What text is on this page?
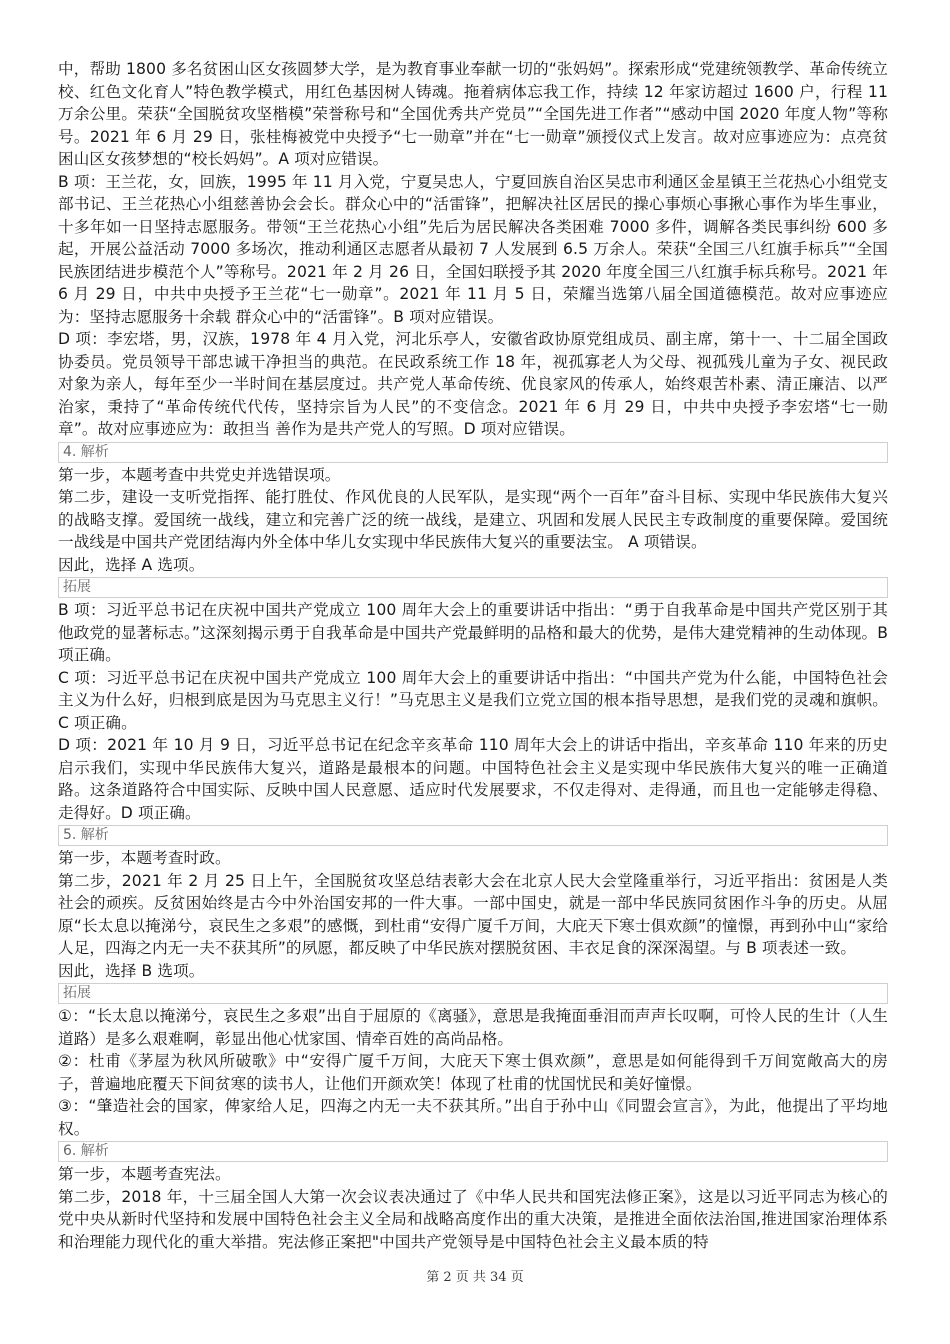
中，帮助 1800 多名贫困山区女孩圆梦大学，是为教育事业奉献一切的“张妈妈”。探索形成“党建统领教学、革命传统立校、红色文化育人”特色教学模式，用红色基因树人铸魂。拖着病体忘我工作，持续 12 年家访超过 1600 户，行程 11 万余公里。荣获“全国脱贫攻坚楷模”荣誉称号和“全国优秀共产党员”“全国先进工作者”“感动中国 2020 年度人物”等称号。2021 年 6 月 29 日，张桂梅被党中央授予“七一勋章”并在“七一勋章”颁授仪式上发言。故对应事迹应为：点亮贫困山区女孩梦想的“校长妈妈”。A 项对应错误。

B 项：王兰花，女，回族，1995 年 11 月入党，宁夏吴忠人，宁夏回族自治区吴忠市利通区金星镇王兰花热心小组党支部书记、王兰花热心小组慈善协会会长。群众心中的“活雷锋”，把解决社区居民的操心事烦心事揪心事作为毕生事业，十多年如一日坚持志愿服务。带领“王兰花热心小组”先后为居民解决各类困难 7000 多件，调解各类民事纠纷 600 多起，开展公益活动 7000 多场次，推动利通区志愿者从最初 7 人发展到 6.5 万余人。荣获“全国三八红旗手标兵”“全国民族团结进步模范个人”等称号。2021 年 2 月 26 日，全国妇联授予其 2020 年度全国三八红旗手标兵称号。2021 年 6 月 29 日，中共中央授予王兰花“七一勋章”。2021 年 11 月 5 日，荣耀当选第八届全国道德模范。故对应事迹应为：坚持志愿服务十余载 群众心中的“活雷锋”。B 项对应错误。

D 项：李宏塔，男，汉族，1978 年 4 月入党，河北乐亭人，安徽省政协原党组成员、副主席，第十一、十二届全国政协委员。党员领导干部忠诚干净担当的典范。在民政系统工作 18 年，视孤寡老人为父母、视孤残儿童为子女、视民政对象为亲人，每年至少一半时间在基层度过。共产党人革命传统、优良家风的传承人，始终艰苦朴素、清正廉洁、以严治家，秉持了“革命传统代代传，坚持宗旨为人民”的不变信念。2021 年 6 月 29 日，中共中央授予李宏塔“七一勋章”。故对应事迹应为：敢担当 善作为是共产党人的写照。D 项对应错误。

4. 解析

第一步，本题考查中共党史并选错误项。

第二步，建设一支听党指挥、能打胜仗、作风优良的人民军队，是实现“两个一百年”奋斗目标、实现中华民族伟大复兴的战略支撑。爱国统一战线，建立和完善广泛的统一战线，是建立、巩固和发展人民民主专政制度的重要保障。爱国统一战线是中国共产党团结海内外全体中华儿女实现中华民族伟大复兴的重要法宝。 A 项错误。

因此，选择 A 选项。

拓展

B 项：习近平总书记在庆祝中国共产党成立 100 周年大会上的重要讲话中指出：“勇于自我革命是中国共产党区别于其他政党的显著标志。”这深刻揭示勇于自我革命是中国共产党最鲜明的品格和最大的优势，是伟大建党精神的生动体现。B 项正确。

C 项：习近平总书记在庆祝中国共产党成立 100 周年大会上的重要讲话中指出：“中国共产党为什么能，中国特色社会主义为什么好，归根到底是因为马克思主义行！”马克思主义是我们立党立国的根本指导思想，是我们党的灵魂和旗帜。C 项正确。

D 项：2021 年 10 月 9 日，习近平总书记在纪念辛亥革命 110 周年大会上的讲话中指出，辛亥革命 110 年来的历史启示我们，实现中华民族伟大复兴，道路是最根本的问题。中国特色社会主义是实现中华民族伟大复兴的唯一正确道路。这条道路符合中国实际、反映中国人民意愿、适应时代发展要求，不仅走得对、走得通，而且也一定能够走得稳、走得好。D 项正确。

5. 解析

第一步，本题考查时政。

第二步，2021 年 2 月 25 日上午，全国脱贫攻坚总结表彰大会在北京人民大会堂隆重举行，习近平指出：贫困是人类社会的顽疾。反贫困始终是古今中外治国安邦的一件大事。一部中国史，就是一部中华民族同贫困作斗争的历史。从屈原“长太息以掩涕兮，哀民生之多艰”的感慨，到杜甫“安得广厦千万间，大庇天下寒士俱欢颜”的憧憬，再到孙中山“家给人足，四海之内无一夫不获其所”的夙愿，都反映了中华民族对摆脱贫困、丰衣足食的深深渴望。与 B 项表述一致。

因此，选择 B 选项。

拓展

①：“长太息以掩涕兮，哀民生之多艰”出自于屈原的《离骚》，意思是我掩面垂泪而声声长叹啊，可怜人民的生计（人生道路）是多么艰难啊，彰显出他心忧家国、情牵百姓的高尚品格。

②：杜甫《茅屋为秋风所破歌》中“安得广厦千万间，大庇天下寒士俱欢颜”，意思是如何能得到千万间宽敞高大的房子，普遍地庇覆天下间贫寒的读书人，让他们开颜欢笑！体现了杜甫的忧国忧民和美好憧憬。

③：“肇造社会的国家，俾家给人足，四海之内无一夫不获其所。”出自于孙中山《同盟会宣言》，为此，他提出了平均地权。

6. 解析

第一步，本题考查宪法。

第二步，2018 年，十三届全国人大第一次会议表决通过了《中华人民共和国宪法修正案》，这是以习近平同志为核心的党中央从新时代坚持和发展中国特色社会主义全局和战略高度作出的重大决策，是推进全面依法治国,推进国家治理体系和治理能力现代化的重大举措。宪法修正案把"中国共产党领导是中国特色社会主义最本质的特

第 2 页 共 34 页
